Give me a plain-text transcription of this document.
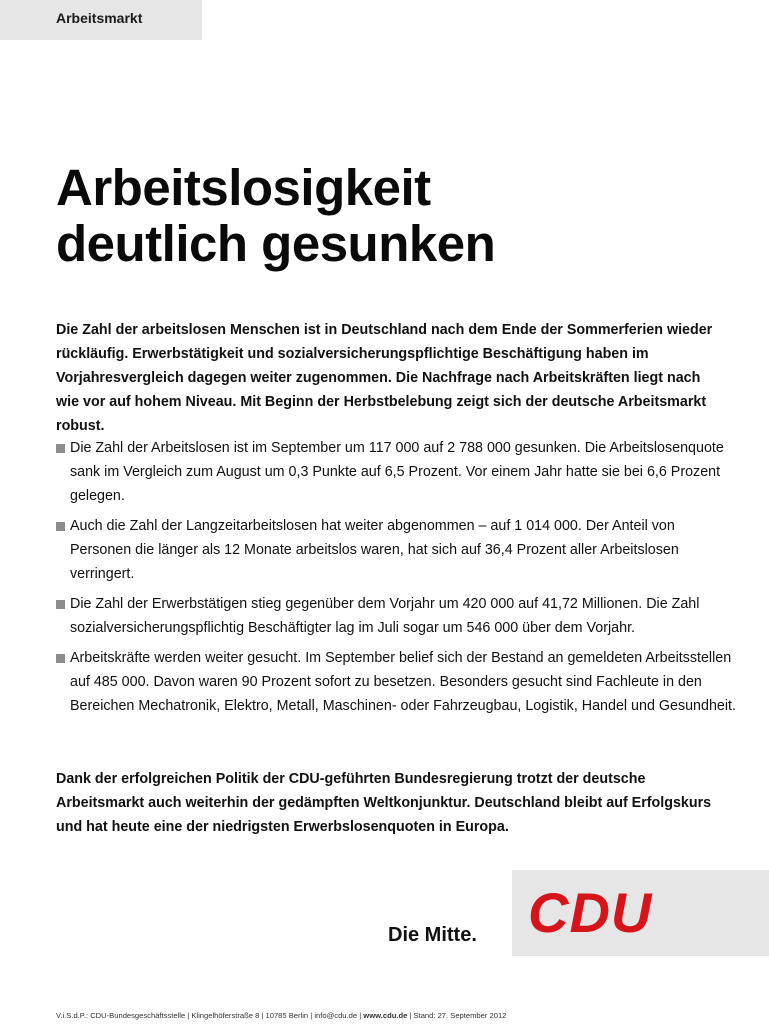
Arbeitsmarkt
Arbeitslosigkeit
deutlich gesunken

Die Zahl der arbeitslosen Menschen ist in Deutschland nach dem Ende der Sommerferien wieder rückläufig. Erwerbstätigkeit und sozialversicherungspflichtige Beschäftigung haben im Vorjahresvergleich dagegen weiter zugenommen. Die Nachfrage nach Arbeitskräften liegt nach wie vor auf hohem Niveau. Mit Beginn der Herbstbelebung zeigt sich der deutsche Arbeitsmarkt robust.

Die Zahl der Arbeitslosen ist im September um 117 000 auf 2 788 000 gesunken. Die Arbeitslosenquote sank im Vergleich zum August um 0,3 Punkte auf 6,5 Prozent. Vor einem Jahr hatte sie bei 6,6 Prozent gelegen.
Auch die Zahl der Langzeitarbeitslosen hat weiter abgenommen – auf 1 014 000. Der Anteil von Personen die länger als 12 Monate arbeitslos waren, hat sich auf 36,4 Prozent aller Arbeitslosen verringert.
Die Zahl der Erwerbstätigen stieg gegenüber dem Vorjahr um 420 000 auf 41,72 Millionen. Die Zahl sozialversicherungspflichtig Beschäftigter lag im Juli sogar um 546 000 über dem Vorjahr.
Arbeitskräfte werden weiter gesucht. Im September belief sich der Bestand an gemeldeten Arbeitsstellen auf 485 000. Davon waren 90 Prozent sofort zu besetzen. Besonders gesucht sind Fachleute in den Bereichen Mechatronik, Elektro, Metall, Maschinen- oder Fahrzeugbau, Logistik, Handel und Gesundheit.

Dank der erfolgreichen Politik der CDU-geführten Bundesregierung trotzt der deutsche Arbeitsmarkt auch weiterhin der gedämpften Weltkonjunktur. Deutschland bleibt auf Erfolgskurs und hat heute eine der niedrigsten Erwerbslosenquoten in Europa.

Die Mitte. CDU
V.i.S.d.P.: CDU-Bundesgeschäftsstelle | Klingelhöferstraße 8 | 10785 Berlin | info@cdu.de | www.cdu.de | Stand: 27. September 2012
